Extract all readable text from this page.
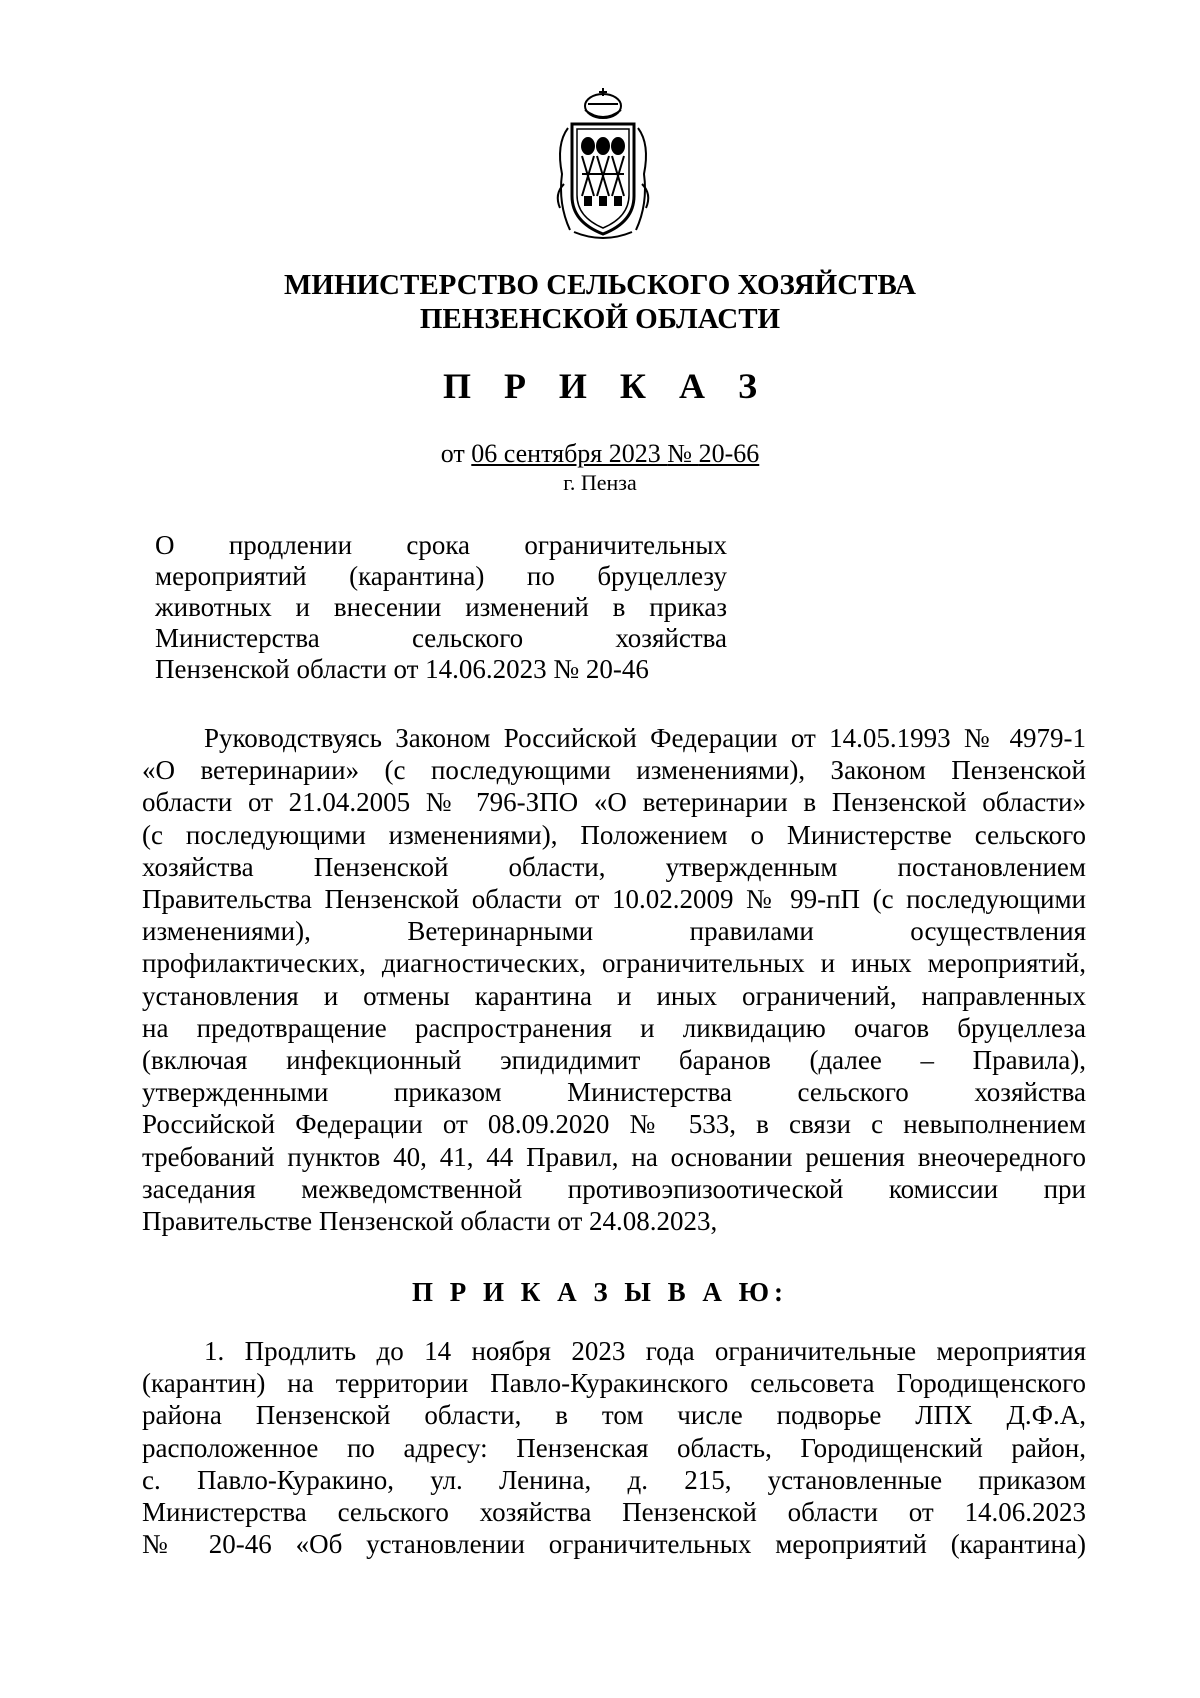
МИНИСТЕРСТВО СЕЛЬСКОГО ХОЗЯЙСТВА
ПЕНЗЕНСКОЙ ОБЛАСТИ
П Р И К А З
от 06 сентября 2023 № 20-66
г. Пенза
О продлении срока ограничительных
мероприятий (карантина) по бруцеллезу
животных и внесении изменений в приказ
Министерства сельского хозяйства
Пензенской области от 14.06.2023 № 20-46
Руководствуясь Законом Российской Федерации от 14.05.1993 № 4979-1
«О ветеринарии» (с последующими изменениями), Законом Пензенской
области от 21.04.2005 № 796-ЗПО «О ветеринарии в Пензенской области»
(с последующими изменениями), Положением о Министерстве сельского
хозяйства Пензенской области, утвержденным постановлением
Правительства Пензенской области от 10.02.2009 № 99-пП (с последующими
изменениями), Ветеринарными правилами осуществления
профилактических, диагностических, ограничительных и иных мероприятий,
установления и отмены карантина и иных ограничений, направленных
на предотвращение распространения и ликвидацию очагов бруцеллеза
(включая инфекционный эпидидимит баранов (далее – Правила),
утвержденными приказом Министерства сельского хозяйства
Российской Федерации от 08.09.2020 № 533, в связи с невыполнением
требований пунктов 40, 41, 44 Правил, на основании решения внеочередного
заседания межведомственной противоэпизоотической комиссии при
Правительстве Пензенской области от 24.08.2023,
П Р И К А З Ы В А Ю:
1. Продлить до 14 ноября 2023 года ограничительные мероприятия
(карантин) на территории Павло-Куракинского сельсовета Городищенского
района Пензенской области, в том числе подворье ЛПХ Д.Ф.А,
расположенное по адресу: Пензенская область, Городищенский район,
с. Павло-Куракино, ул. Ленина, д. 215, установленные приказом
Министерства сельского хозяйства Пензенской области от 14.06.2023
№ 20-46 «Об установлении ограничительных мероприятий (карантина)
